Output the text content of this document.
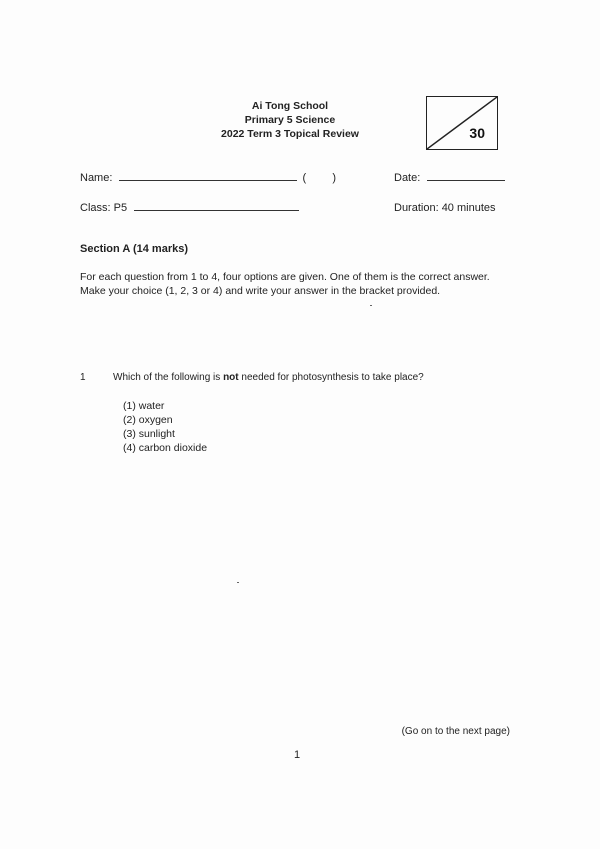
Ai Tong School
Primary 5 Science
2022 Term 3 Topical Review	30
Name:	( )	Date:
Class: P5	Duration: 40 minutes
Section A (14 marks)
For each question from 1 to 4, four options are given. One of them is the correct answer.
Make your choice (1, 2, 3 or 4) and write your answer in the bracket provided.
1	Which of the following is not needed for photosynthesis to take place?
(1) water
(2) oxygen
(3) sunlight
(4) carbon dioxide
(Go on to the next page)
1
